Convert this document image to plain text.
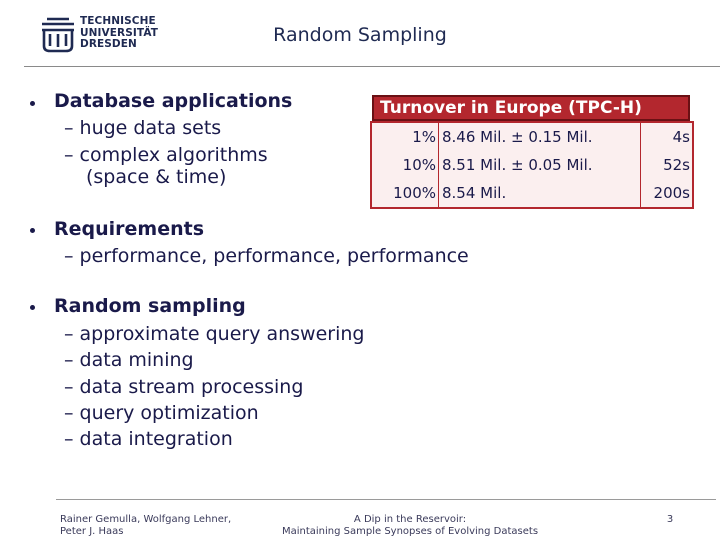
TECHNISCHE
UNIVERSITÄT
DRESDEN	Random Sampling
Database applications
– huge data sets
– complex algorithms
(space & time)
Requirements
– performance, performance, performance
Random sampling
– approximate query answering
– data mining
– data stream processing
– query optimization
– data integration
Turnover in Europe (TPC-H)
1% 8.46 Mil. ± 0.15 Mil.	4s
10% 8.51 Mil. ± 0.05 Mil.	52s
100% 8.54 Mil.	200s
Rainer Gemulla, Wolfgang Lehner,
Peter J. Haas
A Dip in the Reservoir:
Maintaining Sample Synopses of Evolving Datasets
3
